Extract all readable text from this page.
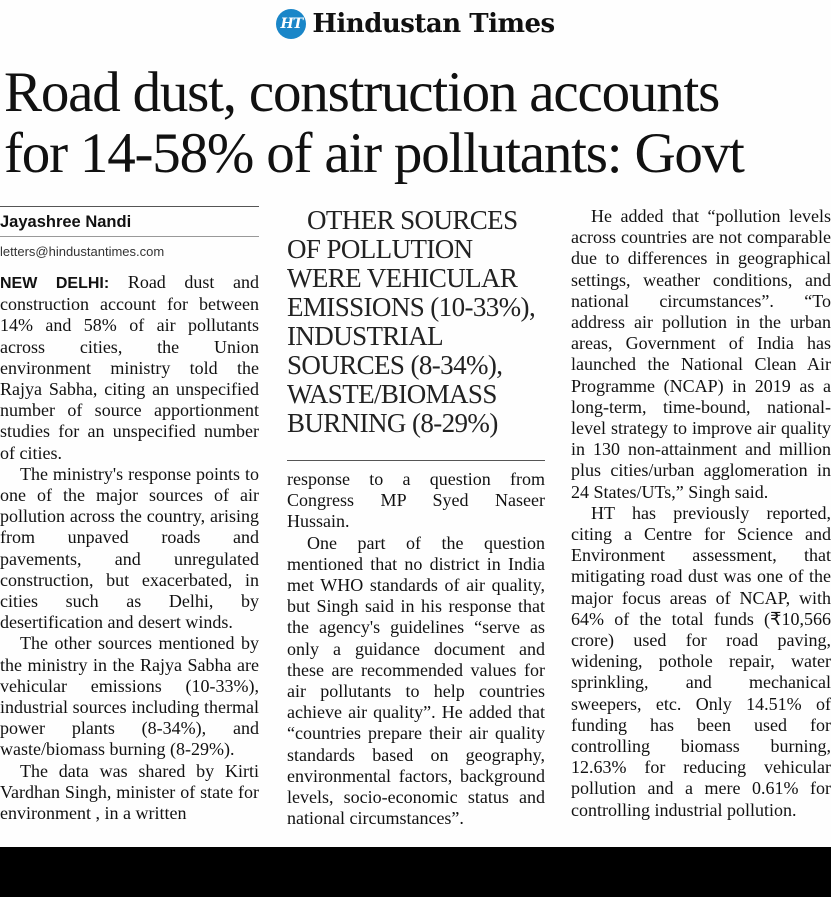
HT Hindustan Times
Road dust, construction accounts
for 14-58% of air pollutants: Govt
Jayashree Nandi
letters@hindustantimes.com

NEW DELHI: Road dust and construction account for between 14% and 58% of air pollutants across cities, the Union environment ministry told the Rajya Sabha, citing an unspecified number of source apportionment studies for an unspecified number of cities.

The ministry's response points to one of the major sources of air pollution across the country, arising from unpaved roads and pavements, and unregulated construction, but exacerbated, in cities such as Delhi, by desertification and desert winds.

The other sources mentioned by the ministry in the Rajya Sabha are vehicular emissions (10-33%), industrial sources including thermal power plants (8-34%), and waste/biomass burning (8-29%).

The data was shared by Kirti Vardhan Singh, minister of state for environment , in a written

OTHER SOURCES OF POLLUTION WERE VEHICULAR EMISSIONS (10-33%), INDUSTRIAL SOURCES (8-34%), WASTE/BIOMASS BURNING (8-29%)

response to a question from Congress MP Syed Naseer Hussain.

One part of the question mentioned that no district in India met WHO standards of air quality, but Singh said in his response that the agency's guidelines “serve as only a guidance document and these are recommended values for air pollutants to help countries achieve air quality”. He added that “countries prepare their air quality standards based on geography, environmental factors, background levels, socio-economic status and national circumstances”.

He added that “pollution levels across countries are not comparable due to differences in geographical settings, weather conditions, and national circumstances”. “To address air pollution in the urban areas, Government of India has launched the National Clean Air Programme (NCAP) in 2019 as a long-term, time-bound, national-level strategy to improve air quality in 130 non-attainment and million plus cities/urban agglomeration in 24 States/UTs,” Singh said.

HT has previously reported, citing a Centre for Science and Environment assessment, that mitigating road dust was one of the major focus areas of NCAP, with 64% of the total funds (₹10,566 crore) used for road paving, widening, pothole repair, water sprinkling, and mechanical sweepers, etc. Only 14.51% of funding has been used for controlling biomass burning, 12.63% for reducing vehicular pollution and a mere 0.61% for controlling industrial pollution.
